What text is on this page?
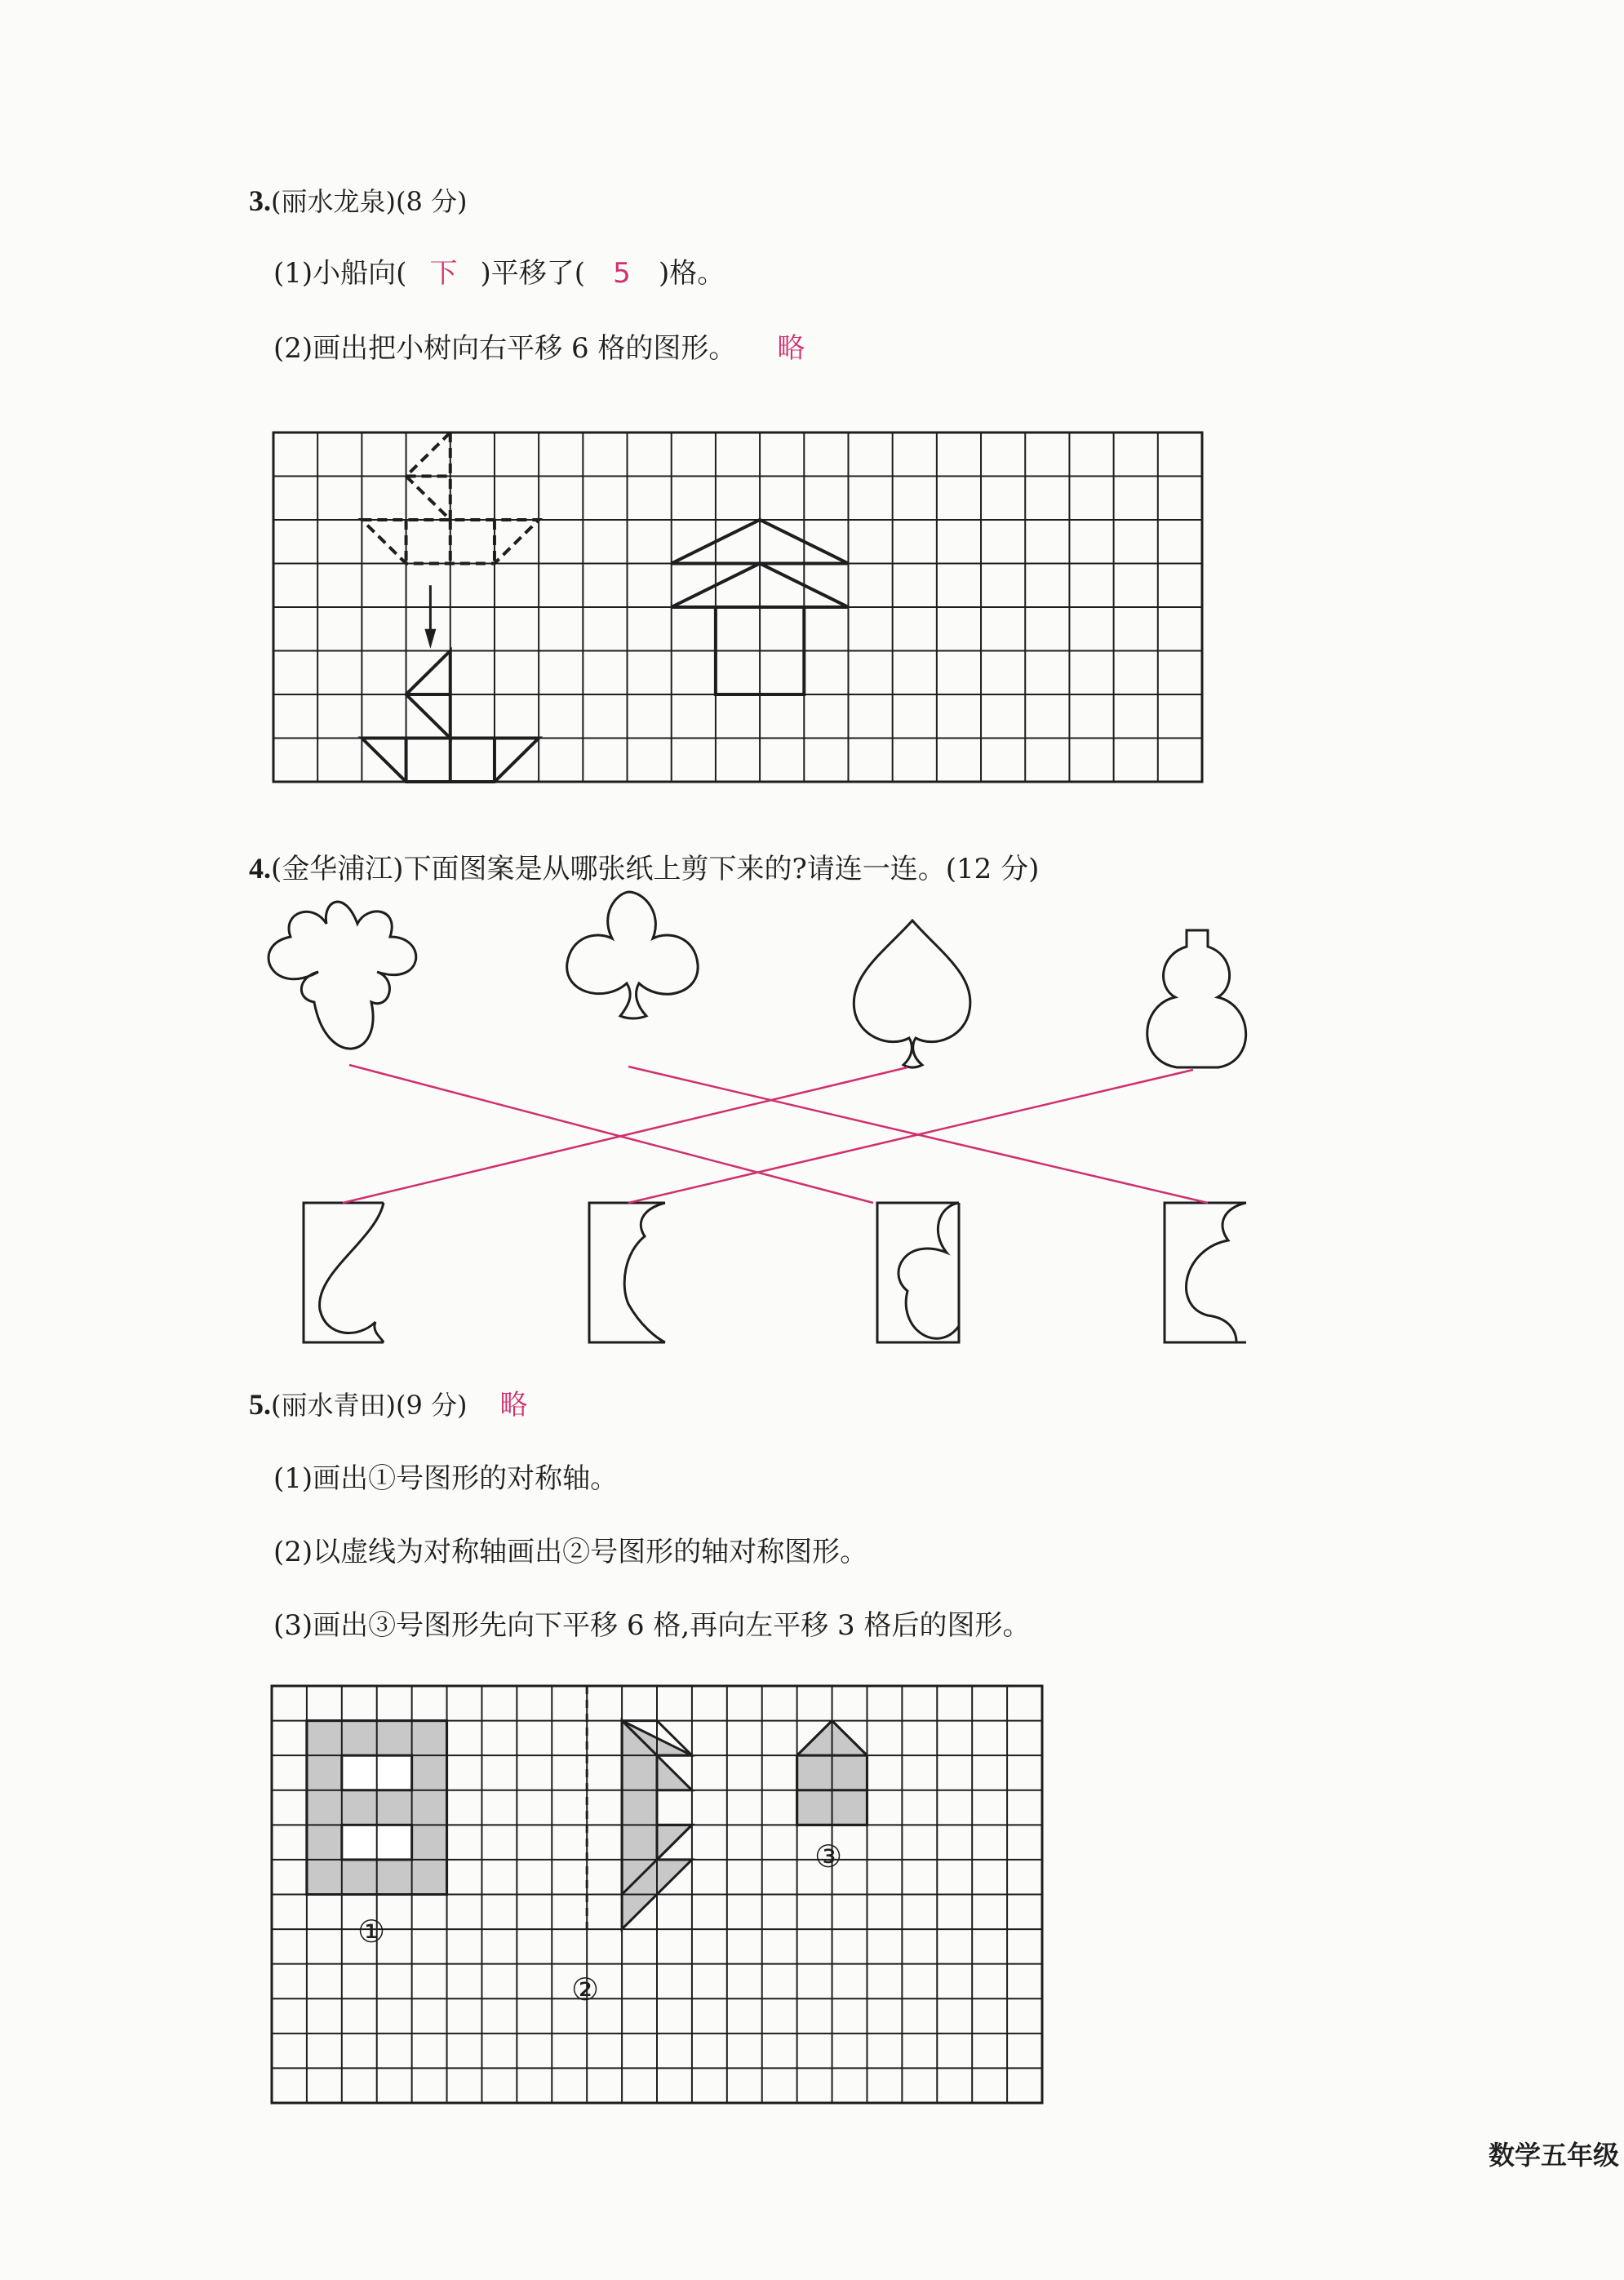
3.(丽水龙泉)(8 分)
(1)小船向( 下 )平移了( 5 )格。
(2)画出把小树向右平移 6 格的图形。 略
4.(金华浦江)下面图案是从哪张纸上剪下来的?请连一连。(12 分)
5.(丽水青田)(9 分) 略
(1)画出①号图形的对称轴。
(2)以虚线为对称轴画出②号图形的轴对称图形。
(3)画出③号图形先向下平移 6 格,再向左平移 3 格后的图形。
①
②
③
数学五年级
